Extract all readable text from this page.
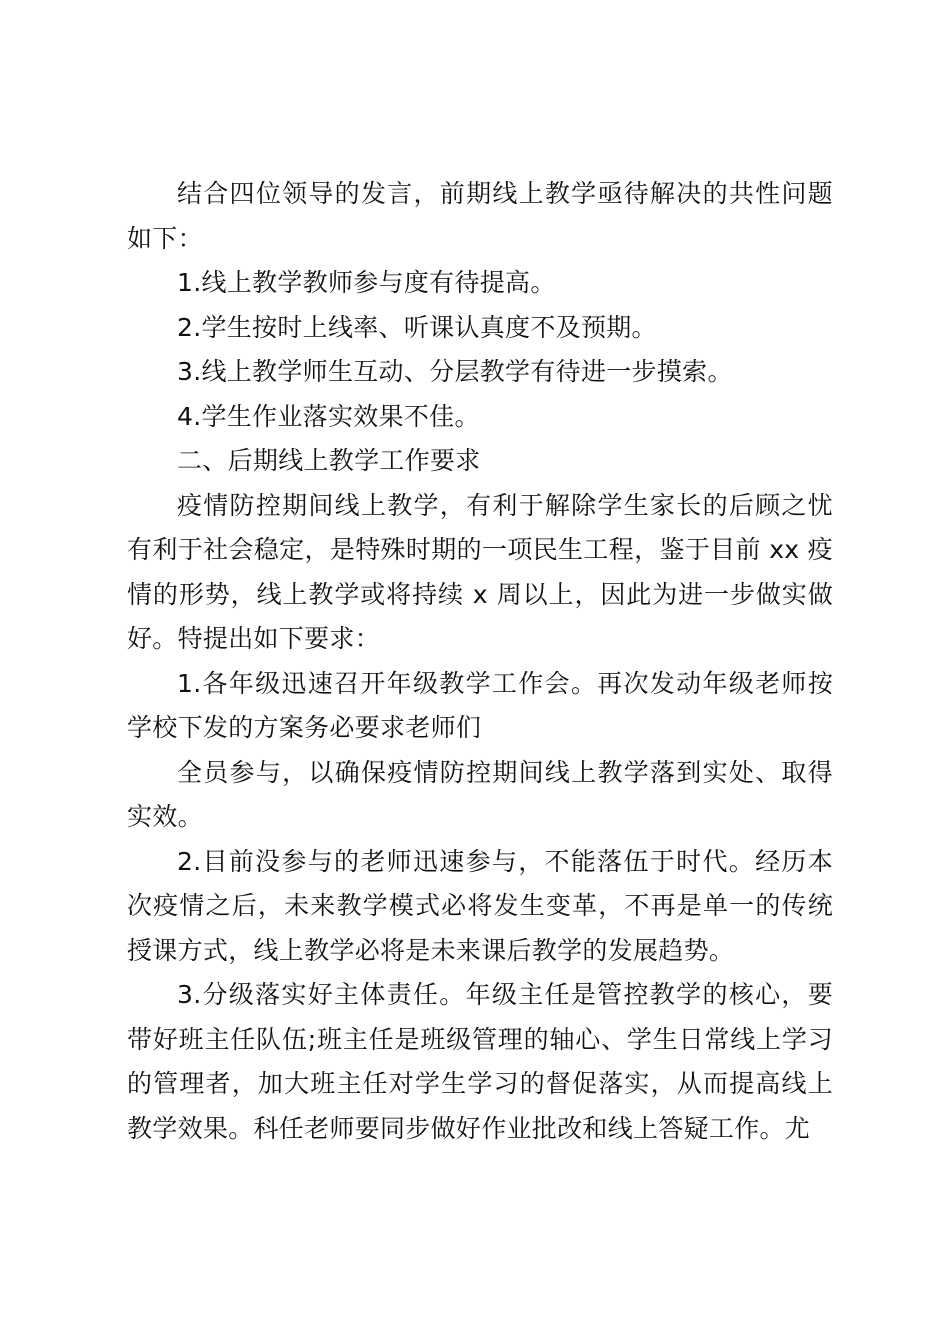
结合四位领导的发言，前期线上教学亟待解决的共性问题如下：

1.线上教学教师参与度有待提高。

2.学生按时上线率、听课认真度不及预期。

3.线上教学师生互动、分层教学有待进一步摸索。

4.学生作业落实效果不佳。

二、后期线上教学工作要求

疫情防控期间线上教学，有利于解除学生家长的后顾之忧有利于社会稳定，是特殊时期的一项民生工程，鉴于目前 xx 疫情的形势，线上教学或将持续 x 周以上，因此为进一步做实做好。特提出如下要求：

1.各年级迅速召开年级教学工作会。再次发动年级老师按学校下发的方案务必要求老师们

全员参与，以确保疫情防控期间线上教学落到实处、取得实效。

2.目前没参与的老师迅速参与，不能落伍于时代。经历本次疫情之后，未来教学模式必将发生变革，不再是单一的传统授课方式，线上教学必将是未来课后教学的发展趋势。

3.分级落实好主体责任。年级主任是管控教学的核心，要带好班主任队伍;班主任是班级管理的轴心、学生日常线上学习的管理者，加大班主任对学生学习的督促落实，从而提高线上教学效果。科任老师要同步做好作业批改和线上答疑工作。尤
